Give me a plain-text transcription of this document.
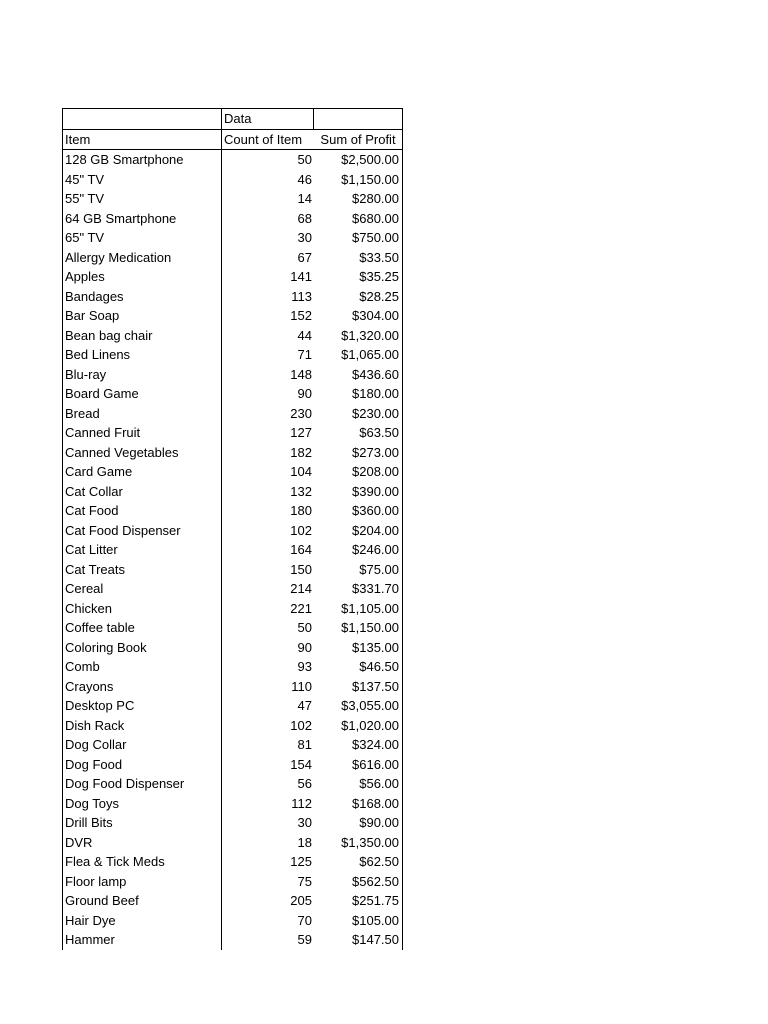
Data
Item	Count of Item	Sum of Profit
128 GB Smartphone	50	$2,500.00
45" TV	46	$1,150.00
55" TV	14	$280.00
64 GB Smartphone	68	$680.00
65" TV	30	$750.00
Allergy Medication	67	$33.50
Apples	141	$35.25
Bandages	113	$28.25
Bar Soap	152	$304.00
Bean bag chair	44	$1,320.00
Bed Linens	71	$1,065.00
Blu-ray	148	$436.60
Board Game	90	$180.00
Bread	230	$230.00
Canned Fruit	127	$63.50
Canned Vegetables	182	$273.00
Card Game	104	$208.00
Cat Collar	132	$390.00
Cat Food	180	$360.00
Cat Food Dispenser	102	$204.00
Cat Litter	164	$246.00
Cat Treats	150	$75.00
Cereal	214	$331.70
Chicken	221	$1,105.00
Coffee table	50	$1,150.00
Coloring Book	90	$135.00
Comb	93	$46.50
Crayons	110	$137.50
Desktop PC	47	$3,055.00
Dish Rack	102	$1,020.00
Dog Collar	81	$324.00
Dog Food	154	$616.00
Dog Food Dispenser	56	$56.00
Dog Toys	112	$168.00
Drill Bits	30	$90.00
DVR	18	$1,350.00
Flea & Tick Meds	125	$62.50
Floor lamp	75	$562.50
Ground Beef	205	$251.75
Hair Dye	70	$105.00
Hammer	59	$147.50
